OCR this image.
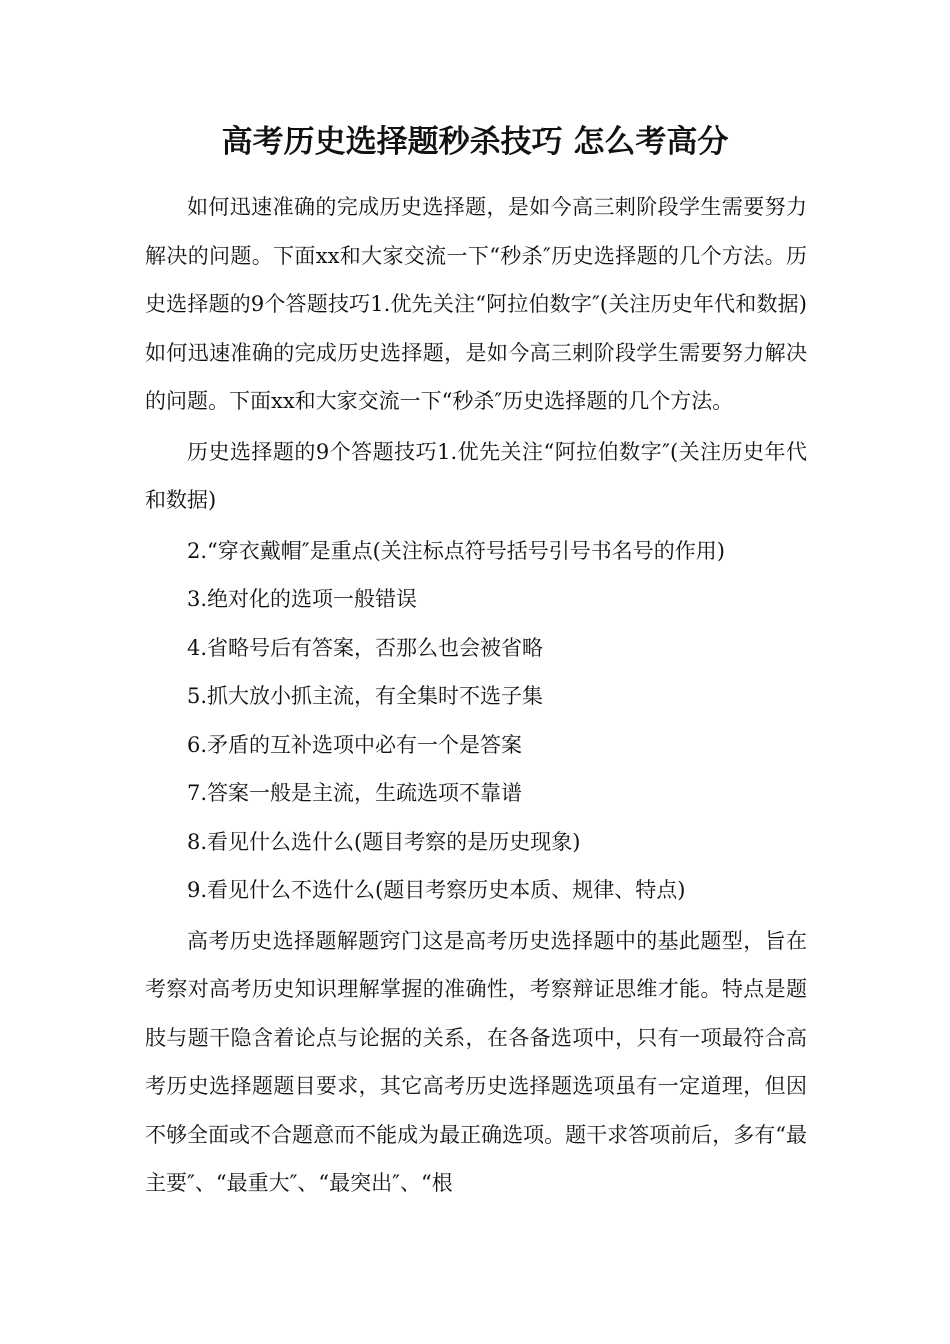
高考历史选择题秒杀技巧 怎么考高分

如何迅速准确的完成历史选择题，是如今高三剌阶段学生需要努力解决的问题。下面xx和大家交流一下“秒杀″历史选择题的几个方法。历史选择题的9个答题技巧1.优先关注“阿拉伯数字″(关注历史年代和数据)如何迅速准确的完成历史选择题，是如今高三剌阶段学生需要努力解决的问题。下面xx和大家交流一下“秒杀″历史选择题的几个方法。

历史选择题的9个答题技巧1.优先关注“阿拉伯数字″(关注历史年代和数据)

2.“穿衣戴帽″是重点(关注标点符号括号引号书名号的作用)

3.绝对化的选项一般错误

4.省略号后有答案，否那么也会被省略

5.抓大放小抓主流，有全集时不选子集

6.矛盾的互补选项中必有一个是答案

7.答案一般是主流，生疏选项不靠谱

8.看见什么选什么(题目考察的是历史现象)

9.看见什么不选什么(题目考察历史本质、规律、特点)

高考历史选择题解题窍门这是高考历史选择题中的基此题型，旨在考察对高考历史知识理解掌握的准确性，考察辩证思维才能。特点是题肢与题干隐含着论点与论据的关系，在各备选项中，只有一项最符合高考历史选择题题目要求，其它高考历史选择题选项虽有一定道理，但因不够全面或不合题意而不能成为最正确选项。题干求答项前后，多有“最主要″、“最重大″、“最突出″、“根
